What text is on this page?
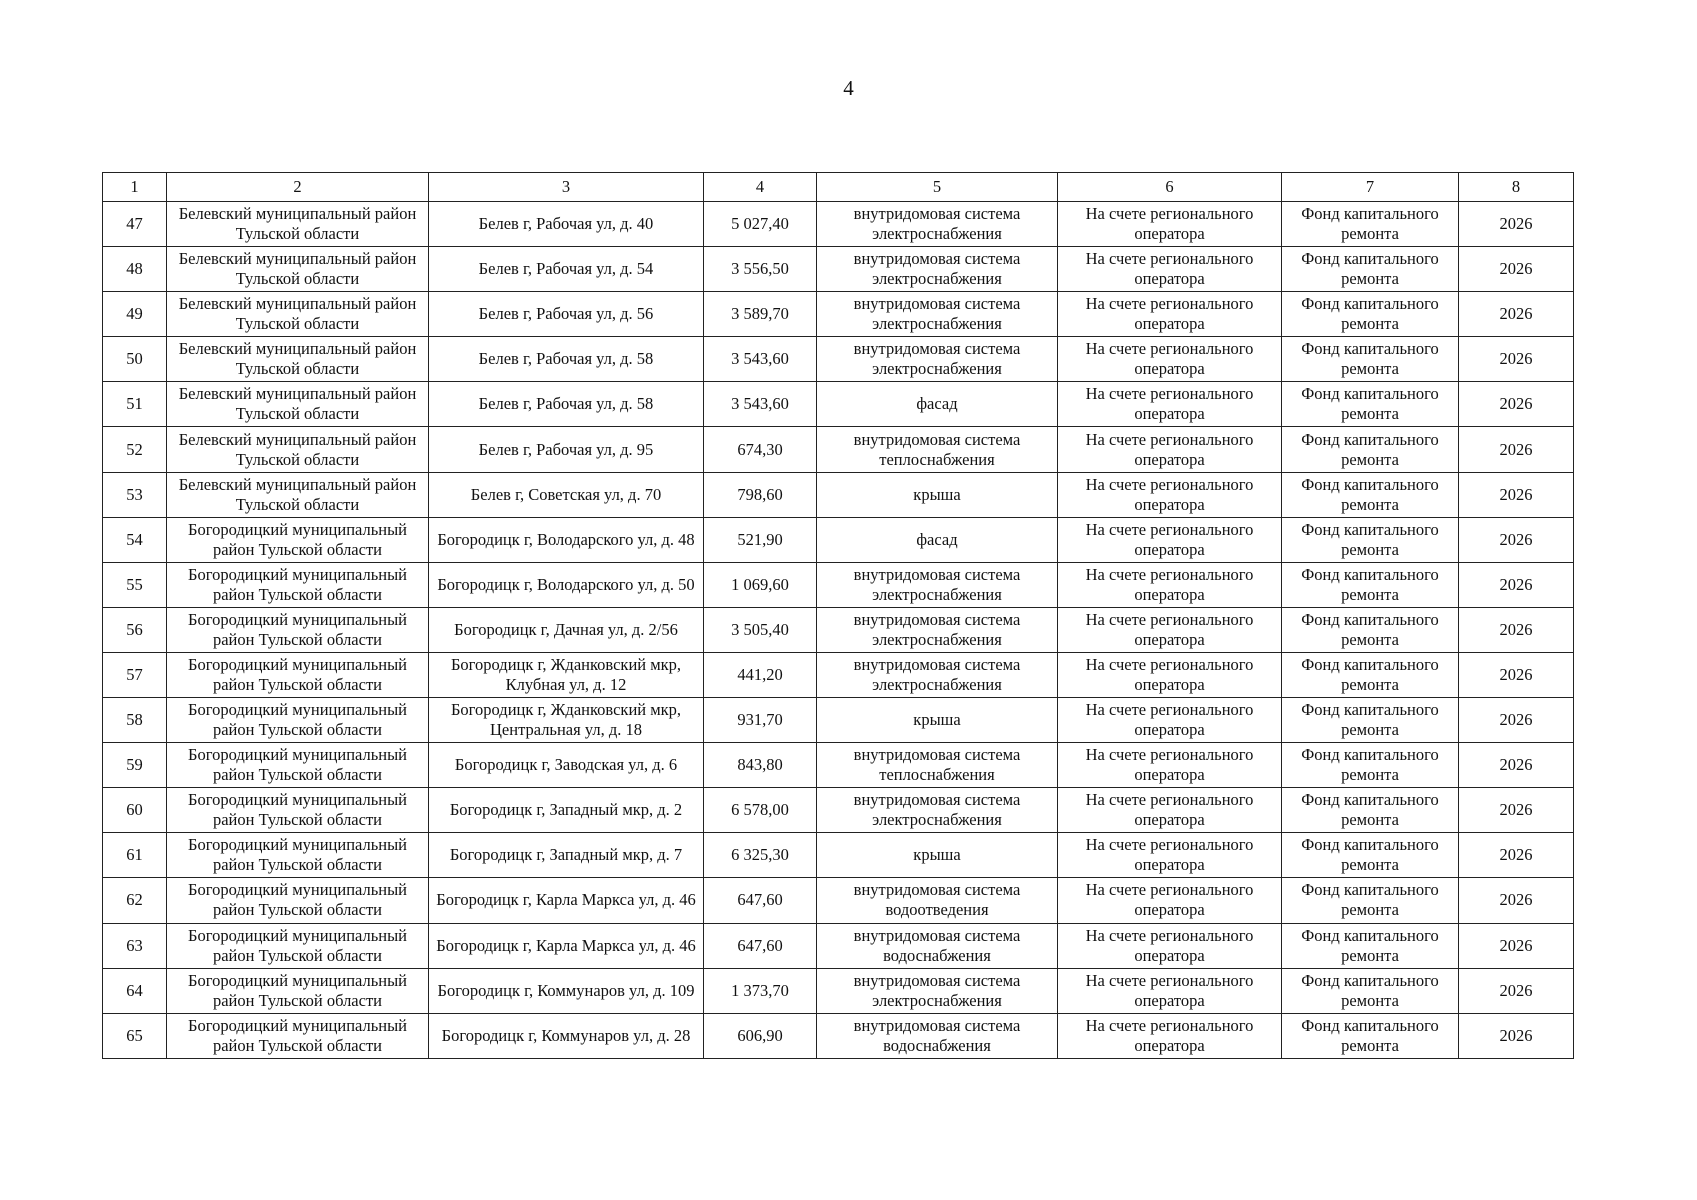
4
1	2	3	4	5	6	7	8
47	Белевский муниципальный район Тульской области	Белев г, Рабочая ул, д. 40	5 027,40	внутридомовая система электроснабжения	На счете регионального оператора	Фонд капитального ремонта	2026
48	Белевский муниципальный район Тульской области	Белев г, Рабочая ул, д. 54	3 556,50	внутридомовая система электроснабжения	На счете регионального оператора	Фонд капитального ремонта	2026
49	Белевский муниципальный район Тульской области	Белев г, Рабочая ул, д. 56	3 589,70	внутридомовая система электроснабжения	На счете регионального оператора	Фонд капитального ремонта	2026
50	Белевский муниципальный район Тульской области	Белев г, Рабочая ул, д. 58	3 543,60	внутридомовая система электроснабжения	На счете регионального оператора	Фонд капитального ремонта	2026
51	Белевский муниципальный район Тульской области	Белев г, Рабочая ул, д. 58	3 543,60	фасад	На счете регионального оператора	Фонд капитального ремонта	2026
52	Белевский муниципальный район Тульской области	Белев г, Рабочая ул, д. 95	674,30	внутридомовая система теплоснабжения	На счете регионального оператора	Фонд капитального ремонта	2026
53	Белевский муниципальный район Тульской области	Белев г, Советская ул, д. 70	798,60	крыша	На счете регионального оператора	Фонд капитального ремонта	2026
54	Богородицкий муниципальный район Тульской области	Богородицк г, Володарского ул, д. 48	521,90	фасад	На счете регионального оператора	Фонд капитального ремонта	2026
55	Богородицкий муниципальный район Тульской области	Богородицк г, Володарского ул, д. 50	1 069,60	внутридомовая система электроснабжения	На счете регионального оператора	Фонд капитального ремонта	2026
56	Богородицкий муниципальный район Тульской области	Богородицк г, Дачная ул, д. 2/56	3 505,40	внутридомовая система электроснабжения	На счете регионального оператора	Фонд капитального ремонта	2026
57	Богородицкий муниципальный район Тульской области	Богородицк г, Жданковский мкр, Клубная ул, д. 12	441,20	внутридомовая система электроснабжения	На счете регионального оператора	Фонд капитального ремонта	2026
58	Богородицкий муниципальный район Тульской области	Богородицк г, Жданковский мкр, Центральная ул, д. 18	931,70	крыша	На счете регионального оператора	Фонд капитального ремонта	2026
59	Богородицкий муниципальный район Тульской области	Богородицк г, Заводская ул, д. 6	843,80	внутридомовая система теплоснабжения	На счете регионального оператора	Фонд капитального ремонта	2026
60	Богородицкий муниципальный район Тульской области	Богородицк г, Западный мкр, д. 2	6 578,00	внутридомовая система электроснабжения	На счете регионального оператора	Фонд капитального ремонта	2026
61	Богородицкий муниципальный район Тульской области	Богородицк г, Западный мкр, д. 7	6 325,30	крыша	На счете регионального оператора	Фонд капитального ремонта	2026
62	Богородицкий муниципальный район Тульской области	Богородицк г, Карла Маркса ул, д. 46	647,60	внутридомовая система водоотведения	На счете регионального оператора	Фонд капитального ремонта	2026
63	Богородицкий муниципальный район Тульской области	Богородицк г, Карла Маркса ул, д. 46	647,60	внутридомовая система водоснабжения	На счете регионального оператора	Фонд капитального ремонта	2026
64	Богородицкий муниципальный район Тульской области	Богородицк г, Коммунаров ул, д. 109	1 373,70	внутридомовая система электроснабжения	На счете регионального оператора	Фонд капитального ремонта	2026
65	Богородицкий муниципальный район Тульской области	Богородицк г, Коммунаров ул, д. 28	606,90	внутридомовая система водоснабжения	На счете регионального оператора	Фонд капитального ремонта	2026
